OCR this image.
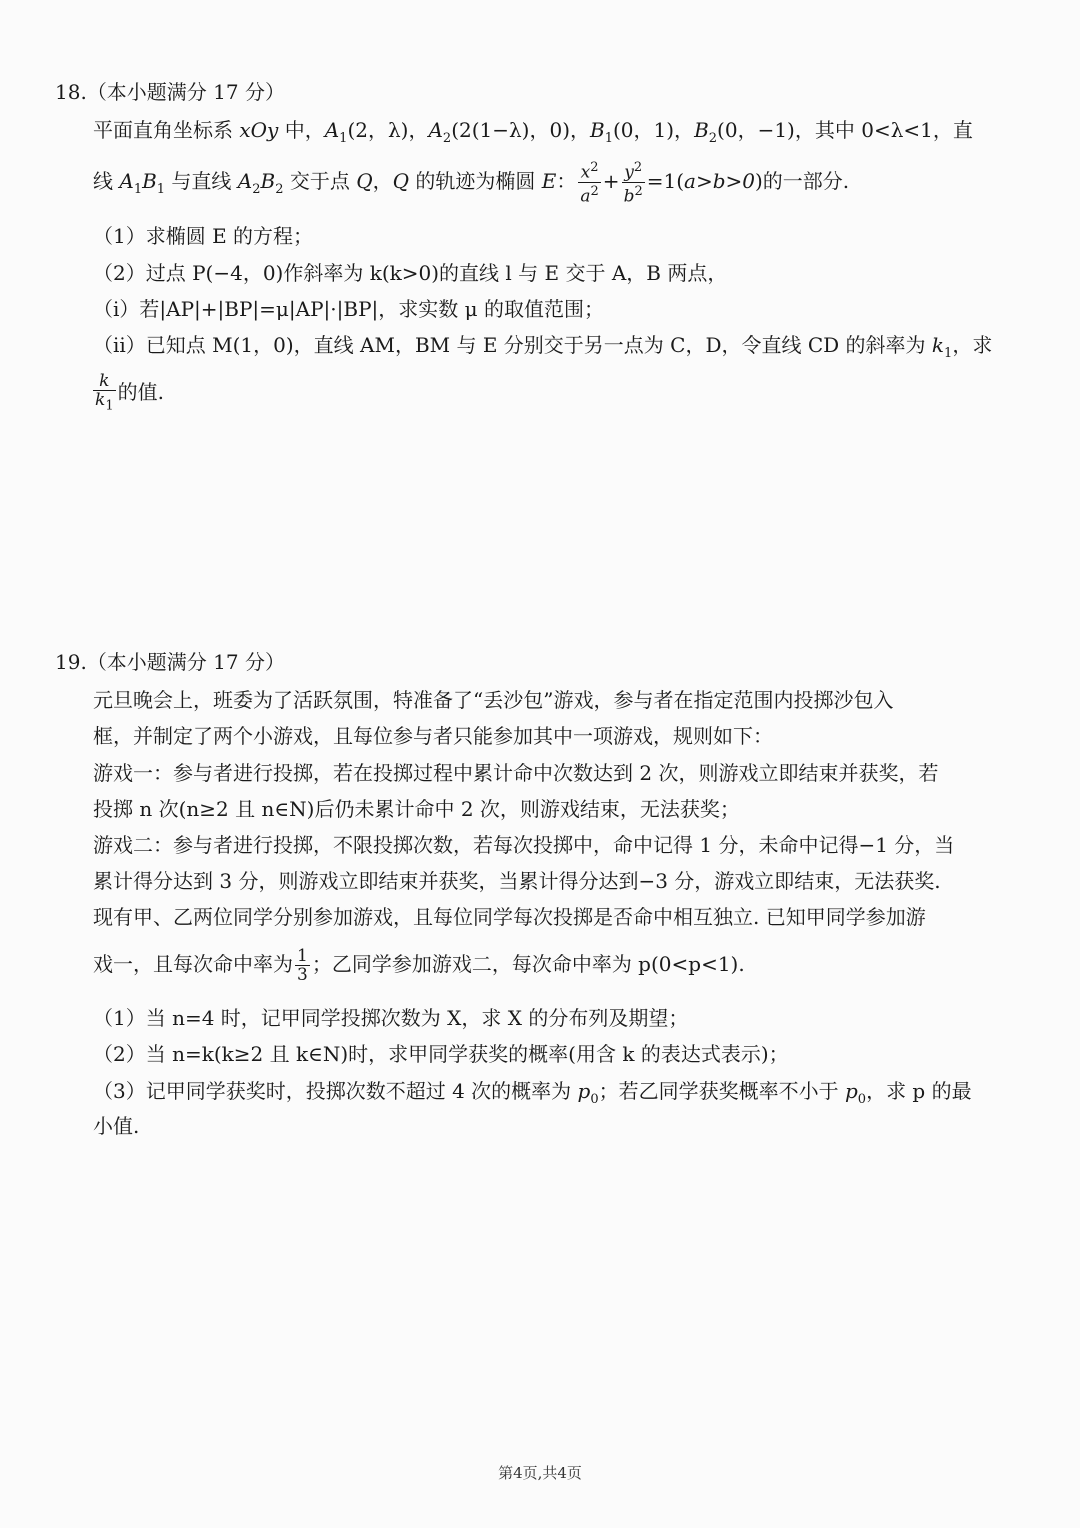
18.（本小题满分 17 分）
平面直角坐标系 xOy 中，$A_1(2$，λ)，$A_2(2(1-\lambda)$，0)，$B_1(0$，1)，$B_2(0$，−1)，其中 0<λ<1，直
线 $A_1B_1$ 与直线 $A_2B_2$ 交于点 Q，Q 的轨迹为椭圆 E： $\frac{x^2}{a^2} + \frac{y^2}{b^2} =1(a>b>0)$的一部分.
（1）求椭圆 E 的方程；
（2）过点 P(−4，0)作斜率为 k(k>0)的直线 l 与 E 交于 A，B 两点，
（i）若|AP|+|BP|=μ|AP|·|BP|，求实数 μ 的取值范围；
（ii）已知点 M(1，0)，直线 AM，BM 与 E 分别交于另一点为 C，D，令直线 CD 的斜率为 $k_1$，求
$\frac{k}{k_1}$ 的值.
19.（本小题满分 17 分）
元旦晚会上，班委为了活跃氛围，特准备了“丢沙包”游戏，参与者在指定范围内投掷沙包入
框，并制定了两个小游戏，且每位参与者只能参加其中一项游戏，规则如下：
游戏一：参与者进行投掷，若在投掷过程中累计命中次数达到 2 次，则游戏立即结束并获奖，若
投掷 n 次(n≥2 且 n∈N)后仍未累计命中 2 次，则游戏结束，无法获奖；
游戏二：参与者进行投掷，不限投掷次数，若每次投掷中，命中记得 1 分，未命中记得−1 分，当
累计得分达到 3 分，则游戏立即结束并获奖，当累计得分达到−3 分，游戏立即结束，无法获奖.
现有甲、乙两位同学分别参加游戏，且每位同学每次投掷是否命中相互独立. 已知甲同学参加游
戏一，且每次命中率为 $\frac{1}{3}$ ；乙同学参加游戏二，每次命中率为 p(0<p<1).
（1）当 n=4 时，记甲同学投掷次数为 X，求 X 的分布列及期望；
（2）当 n=k(k≥2 且 k∈N)时，求甲同学获奖的概率(用含 k 的表达式表示)；
（3）记甲同学获奖时，投掷次数不超过 4 次的概率为 $p_0$；若乙同学获奖概率不小于 $p_0$，求 p 的最
小值.
第4页,共4页
